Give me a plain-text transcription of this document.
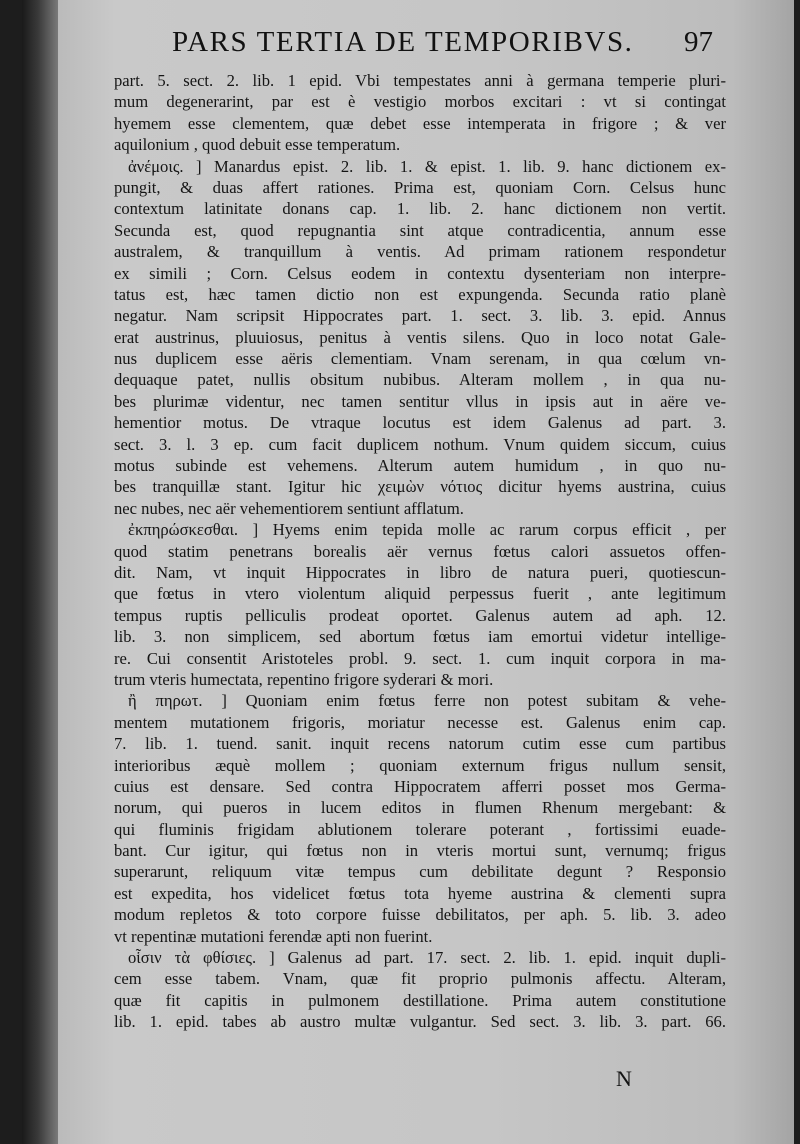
PARS TERTIA DE TEMPORIBVS.	97
part. 5. sect. 2. lib. 1 epid. Vbi tempestates anni à germana temperie pluri-
mum degenerarint, par est è vestigio morbos excitari : vt si contingat
hyemem esse clementem, quæ debet esse intemperata in frigore ; & ver
aquilonium , quod debuit esse temperatum.
ἀνέμοις. ] Manardus epist. 2. lib. 1. & epist. 1. lib. 9. hanc dictionem ex-
pungit, & duas affert rationes. Prima est, quoniam Corn. Celsus hunc
contextum latinitate donans cap. 1. lib. 2. hanc dictionem non vertit.
Secunda est, quod repugnantia sint atque contradicentia, annum esse
australem, & tranquillum à ventis. Ad primam rationem respondetur
ex simili ; Corn. Celsus eodem in contextu dysenteriam non interpre-
tatus est, hæc tamen dictio non est expungenda. Secunda ratio planè
negatur. Nam scripsit Hippocrates part. 1. sect. 3. lib. 3. epid. Annus
erat austrinus, pluuiosus, penitus à ventis silens. Quo in loco notat Gale-
nus duplicem esse aëris clementiam. Vnam serenam, in qua cœlum vn-
dequaque patet, nullis obsitum nubibus. Alteram mollem , in qua nu-
bes plurimæ videntur, nec tamen sentitur vllus in ipsis aut in aëre ve-
hementior motus. De vtraque locutus est idem Galenus ad part. 3.
sect. 3. l. 3 ep. cum facit duplicem nothum. Vnum quidem siccum, cuius
motus subinde est vehemens. Alterum autem humidum , in quo nu-
bes tranquillæ stant. Igitur hic χειμὼν νότιος dicitur hyems austrina, cuius
nec nubes, nec aër vehementiorem sentiunt afflatum.
ἐκπηρώσκεσθαι. ] Hyems enim tepida molle ac rarum corpus efficit , per
quod statim penetrans borealis aër vernus fœtus calori assuetos offen-
dit. Nam, vt inquit Hippocrates in libro de natura pueri, quotiescun-
que fœtus in vtero violentum aliquid perpessus fuerit , ante legitimum
tempus ruptis pelliculis prodeat oportet. Galenus autem ad aph. 12.
lib. 3. non simplicem, sed abortum fœtus iam emortui videtur intellige-
re. Cui consentit Aristoteles probl. 9. sect. 1. cum inquit corpora in ma-
trum vteris humectata, repentino frigore syderari & mori.
ἢ πηρωτ. ] Quoniam enim fœtus ferre non potest subitam & vehe-
mentem mutationem frigoris, moriatur necesse est. Galenus enim cap.
7. lib. 1. tuend. sanit. inquit recens natorum cutim esse cum partibus
interioribus æquè mollem ; quoniam externum frigus nullum sensit,
cuius est densare. Sed contra Hippocratem afferri posset mos Germa-
norum, qui pueros in lucem editos in flumen Rhenum mergebant: &
qui fluminis frigidam ablutionem tolerare poterant , fortissimi euade-
bant. Cur igitur, qui fœtus non in vteris mortui sunt, vernumq; frigus
superarunt, reliquum vitæ tempus cum debilitate degunt ? Responsio
est expedita, hos videlicet fœtus tota hyeme austrina & clementi supra
modum repletos & toto corpore fuisse debilitatos, per aph. 5. lib. 3. adeo
vt repentinæ mutationi ferendæ apti non fuerint.
οἷσιν τὰ φθίσιες. ] Galenus ad part. 17. sect. 2. lib. 1. epid. inquit dupli-
cem esse tabem. Vnam, quæ fit proprio pulmonis affectu. Alteram,
quæ fit capitis in pulmonem destillatione. Prima autem constitutione
lib. 1. epid. tabes ab austro multæ vulgantur. Sed sect. 3. lib. 3. part. 66.
N
